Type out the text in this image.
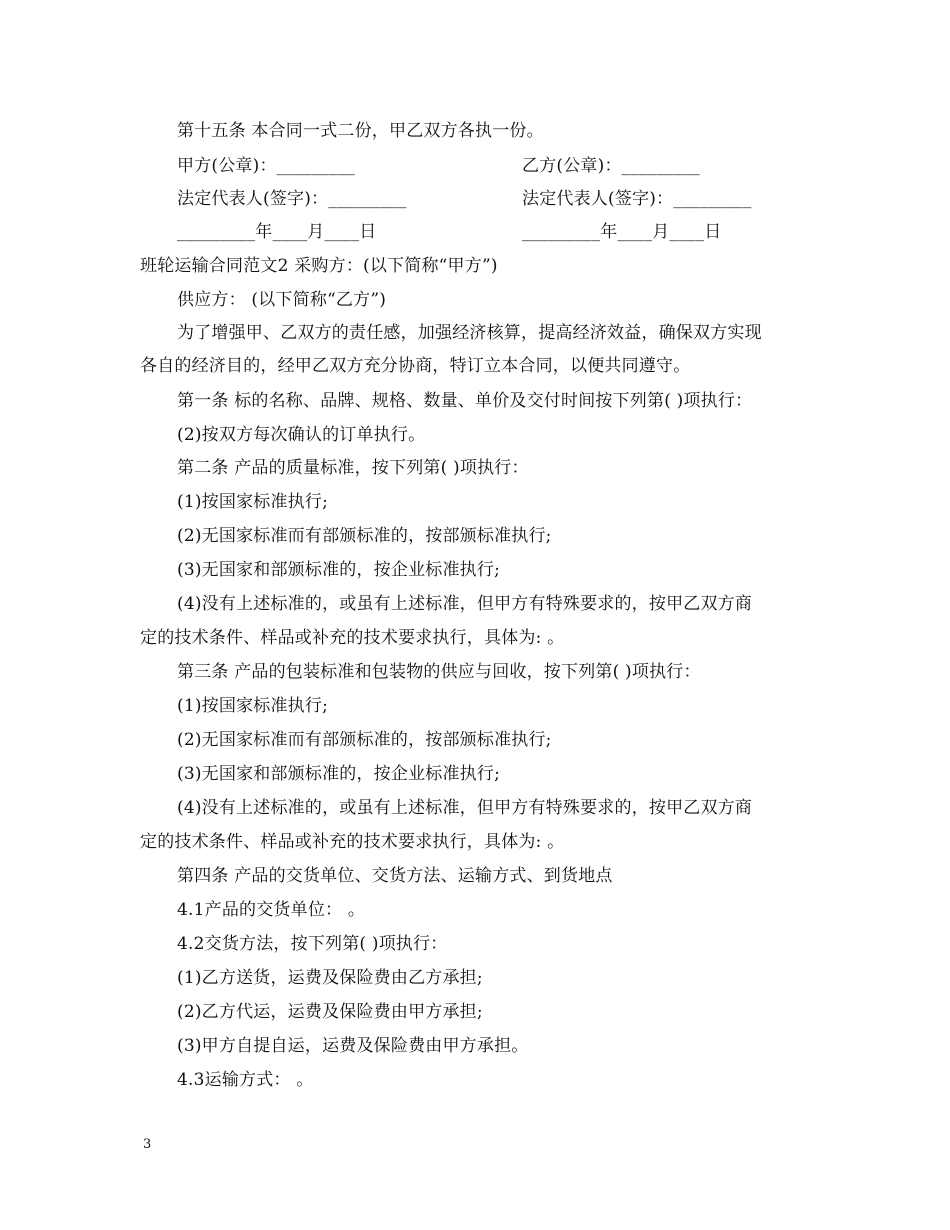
第十五条 本合同一式二份，甲乙双方各执一份。
甲方(公章)：_________	乙方(公章)：_________
法定代表人(签字)：_________	法定代表人(签字)：_________
_________年____月____日	_________年____月____日
班轮运输合同范文2 采购方：(以下简称“甲方”)
供应方： (以下简称“乙方”)
为了增强甲、乙双方的责任感，加强经济核算，提高经济效益，确保双方实现
各自的经济目的，经甲乙双方充分协商，特订立本合同，以便共同遵守。
第一条 标的名称、品牌、规格、数量、单价及交付时间按下列第( )项执行：
(2)按双方每次确认的订单执行。
第二条 产品的质量标准，按下列第( )项执行：
(1)按国家标准执行;
(2)无国家标准而有部颁标准的，按部颁标准执行;
(3)无国家和部颁标准的，按企业标准执行;
(4)没有上述标准的，或虽有上述标准，但甲方有特殊要求的，按甲乙双方商
定的技术条件、样品或补充的技术要求执行，具体为: 。
第三条 产品的包装标准和包装物的供应与回收，按下列第( )项执行：
(1)按国家标准执行;
(2)无国家标准而有部颁标准的，按部颁标准执行;
(3)无国家和部颁标准的，按企业标准执行;
(4)没有上述标准的，或虽有上述标准，但甲方有特殊要求的，按甲乙双方商
定的技术条件、样品或补充的技术要求执行，具体为: 。
第四条 产品的交货单位、交货方法、运输方式、到货地点
4.1产品的交货单位： 。
4.2交货方法，按下列第( )项执行：
(1)乙方送货，运费及保险费由乙方承担;
(2)乙方代运，运费及保险费由甲方承担;
(3)甲方自提自运，运费及保险费由甲方承担。
4.3运输方式： 。
3
